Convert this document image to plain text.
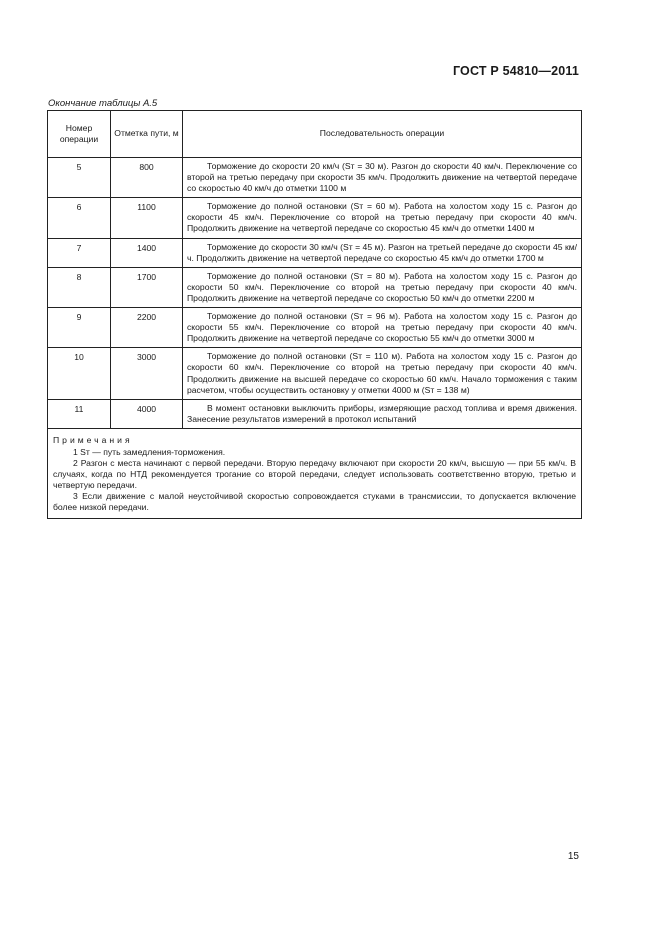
ГОСТ Р 54810—2011
Окончание таблицы А.5
Номер операции	Отметка пути, м	Последовательность операции
5	800	Торможение до скорости 20 км/ч (Sт = 30 м). Разгон до скорости 40 км/ч. Переключение со второй на третью передачу при скорости 35 км/ч. Продолжить движение на четвертой передаче со скоростью 40 км/ч до отметки 1100 м
6	1100	Торможение до полной остановки (Sт = 60 м). Работа на холостом ходу 15 с. Разгон до скорости 45 км/ч. Переключение со второй на третью передачу при скорости 40 км/ч. Продолжить движение на четвертой передаче со скоростью 45 км/ч до отметки 1400 м
7	1400	Торможение до скорости 30 км/ч (Sт = 45 м). Разгон на третьей передаче до скорости 45 км/ч. Продолжить движение на четвертой передаче со скоростью 45 км/ч до отметки 1700 м
8	1700	Торможение до полной остановки (Sт = 80 м). Работа на холостом ходу 15 с. Разгон до скорости 50 км/ч. Переключение со второй на третью передачу при скорости 40 км/ч. Продолжить движение на четвертой передаче со скоростью 50 км/ч до отметки 2200 м
9	2200	Торможение до полной остановки (Sт = 96 м). Работа на холостом ходу 15 с. Разгон до скорости 55 км/ч. Переключение со второй на третью передачу при скорости 40 км/ч. Продолжить движение на четвертой передаче со скоростью 55 км/ч до отметки 3000 м
10	3000	Торможение до полной остановки (Sт = 110 м). Работа на холостом ходу 15 с. Разгон до скорости 60 км/ч. Переключение со второй на третью передачу при скорости 40 км/ч. Продолжить движение на высшей передаче со скоростью 60 км/ч. Начало торможения с таким расчетом, чтобы осуществить остановку у отметки 4000 м (Sт = 138 м)
11	4000	В момент остановки выключить приборы, измеряющие расход топлива и время движения. Занесение результатов измерений в протокол испытаний

Примечания
1 Sт — путь замедления-торможения.
2 Разгон с места начинают с первой передачи. Вторую передачу включают при скорости 20 км/ч, высшую — при 55 км/ч. В случаях, когда по НТД рекомендуется трогание со второй передачи, следует использовать соответственно вторую, третью и четвертую передачи.
3 Если движение с малой неустойчивой скоростью сопровождается стуками в трансмиссии, то допускается включение более низкой передачи.		
15
